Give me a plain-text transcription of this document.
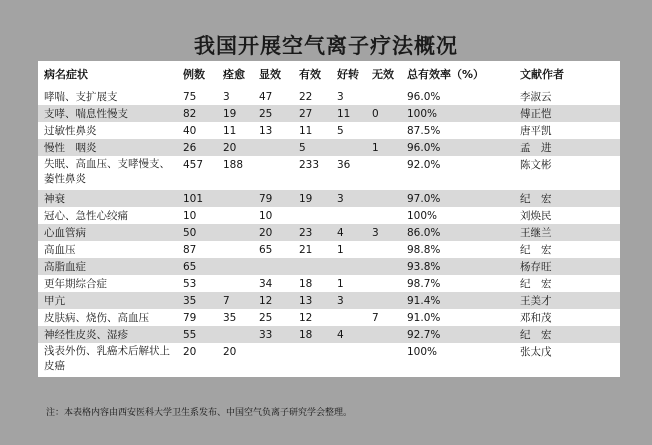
我国开展空气离子疗法概况
病名症状	例数	痊愈	显效	有效	好转	无效	总有效率（%）	文献作者
哮喘、支扩展支	75	3	47	22	3		96.0%	李淑云
支哮、喘息性慢支	82	19	25	27	11	0	100%	傅正恺
过敏性鼻炎	40	11	13	11	5		87.5%	唐平凯
慢性　咽炎	26	20		5		1	96.0%	孟　进
失眠、高血压、支哮慢支、萎性鼻炎	457	188		233	36		92.0%	陈文彬
神衰	101		79	19	3		97.0%	纪　宏
冠心、急性心绞痛	10		10				100%	刘焕民
心血管病	50		20	23	4	3	86.0%	王继兰
高血压	87		65	21	1		98.8%	纪　宏
高脂血症	65						93.8%	杨存旺
更年期综合症	53		34	18	1		98.7%	纪　宏
甲亢	35	7	12	13	3		91.4%	王美才
皮肤病、烧伤、高血压	79	35	25	12		7	91.0%	邓和茂
神经性皮炎、湿疹	55		33	18	4		92.7%	纪　宏
浅表外伤、乳癌术后解状上皮癌	20	20					100%	张太戊
注：本表格内容由西安医科大学卫生系发布、中国空气负离子研究学会整理。
